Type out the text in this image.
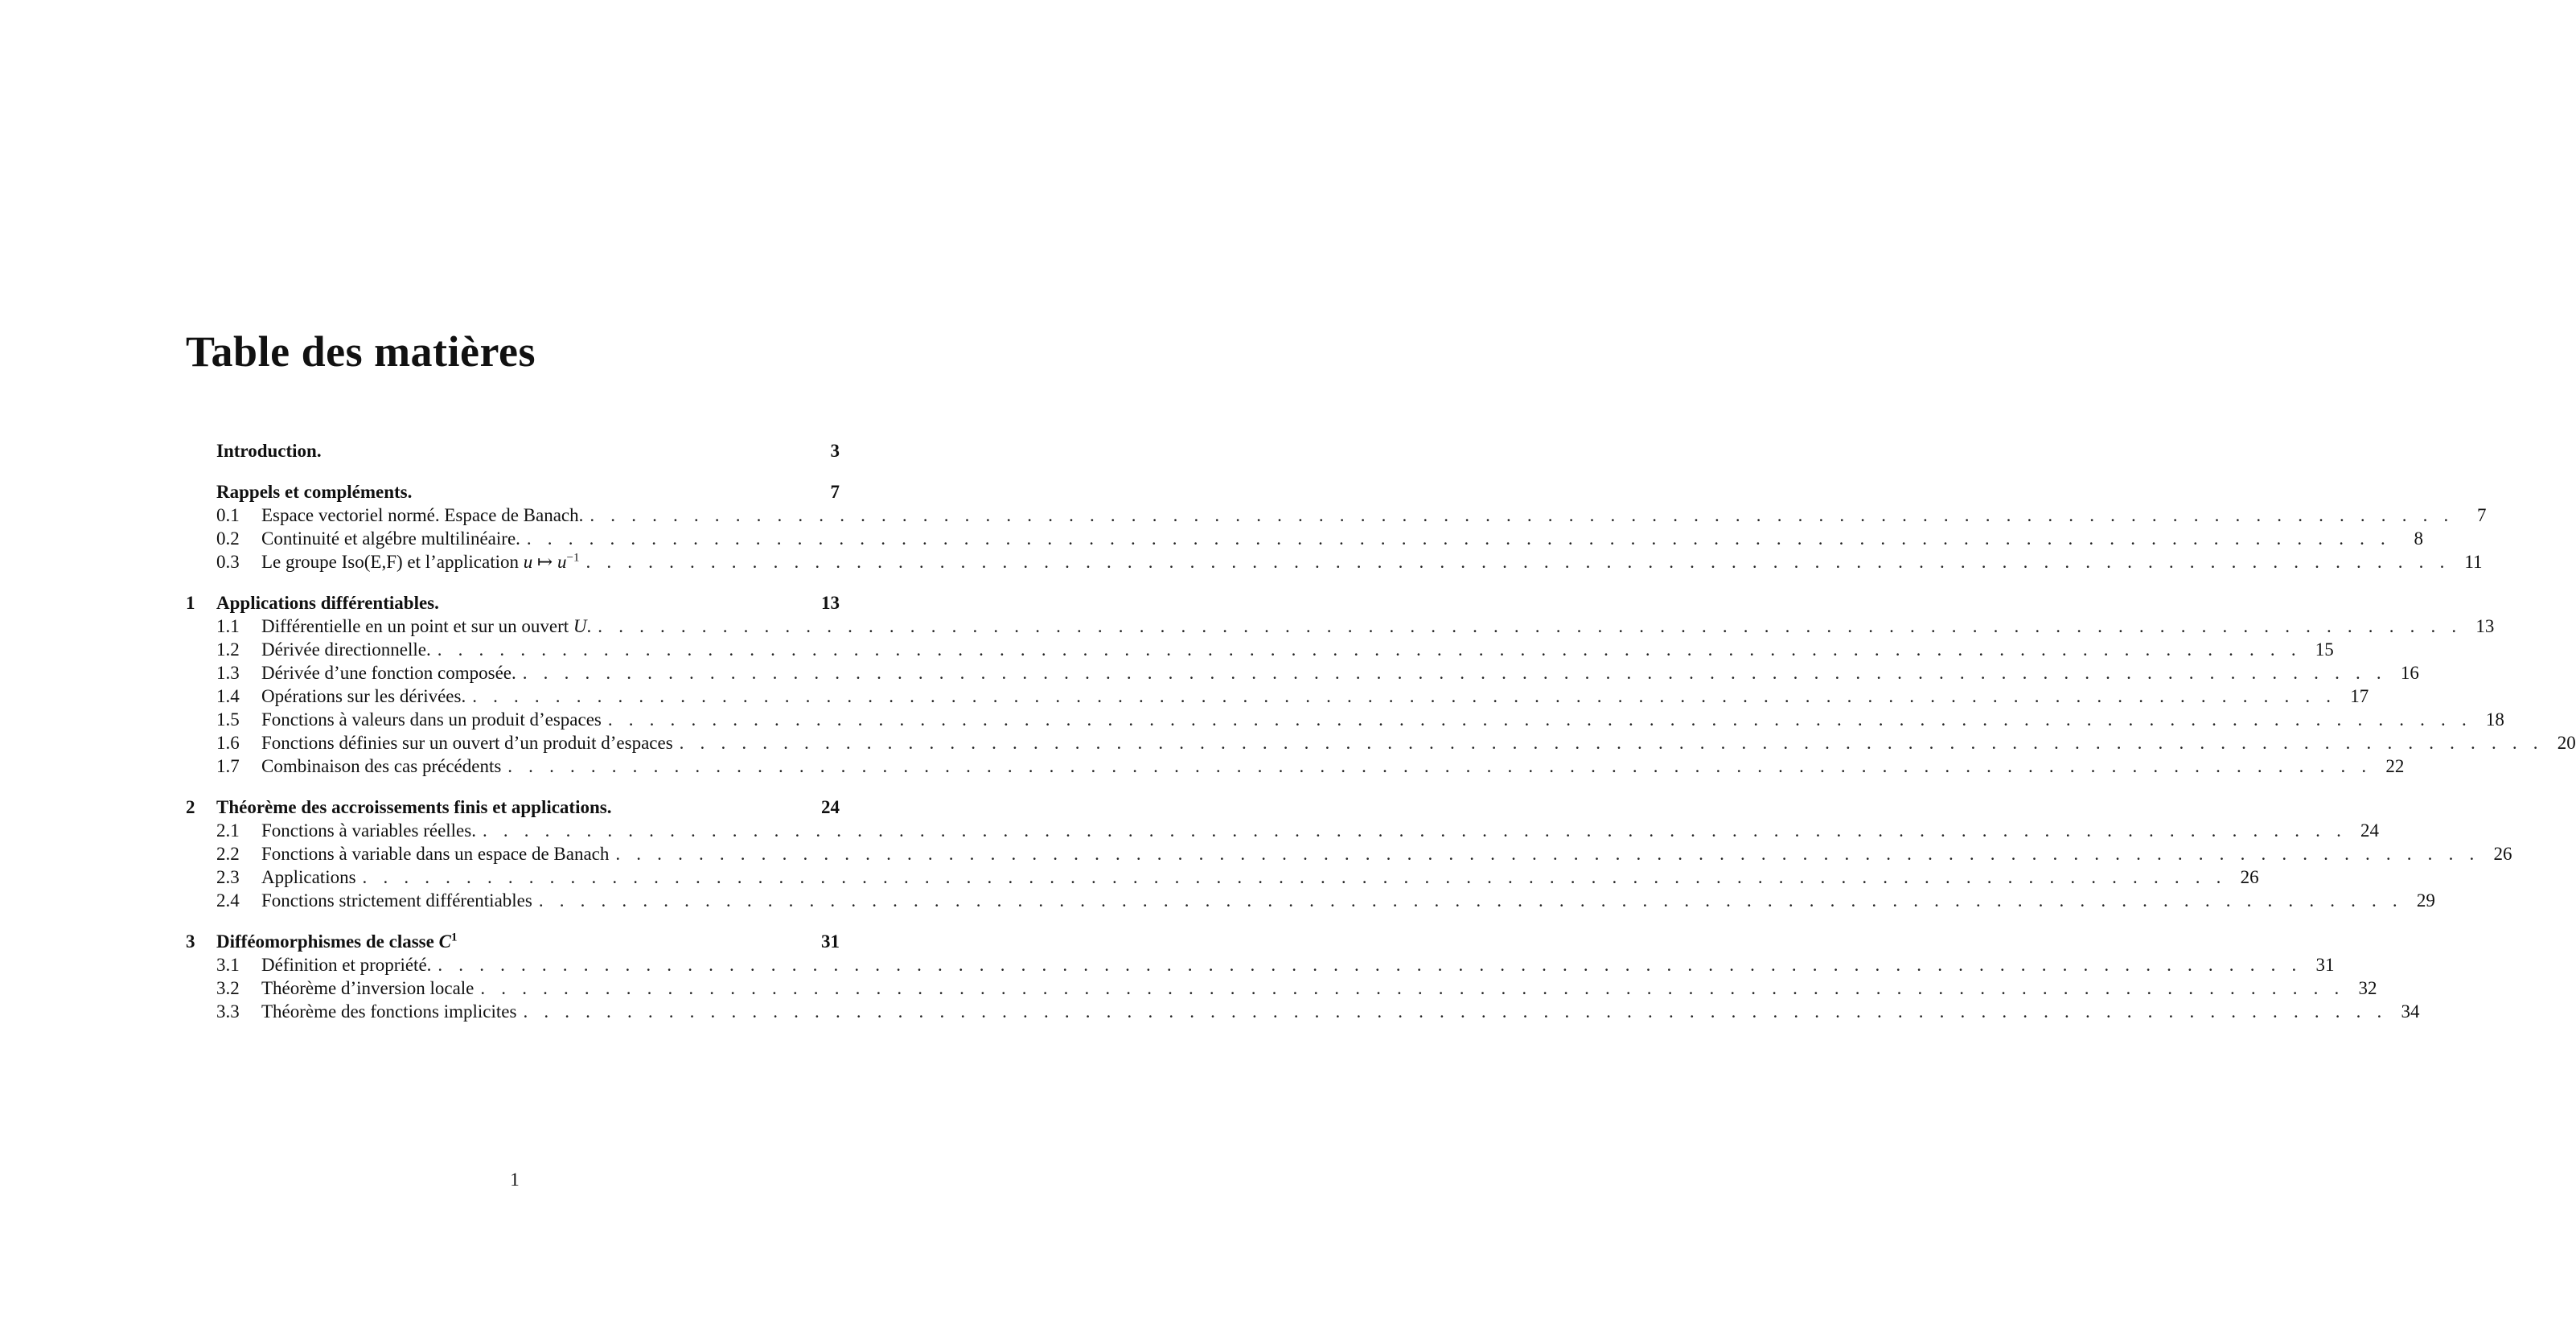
Table des matières
Introduction.	3
Rappels et compléments.	7
0.1	Espace vectoriel normé. Espace de Banach. . . . . . . . . . . . . . . . . . . . . . . . . . . . . . . . . . . . . . . . . . . . . . . . . . . . . . . . . . . . . . . . . . . . . . . . . . . . . . . . . . . . . . . . . . .	7
0.2	Continuité et algébre multilinéaire. . . . . . . . . . . . . . . . . . . . . . . . . . . . . . . . . . . . . . . . . . . . . . . . . . . . . . . . . . . . . . . . . . . . . . . . . . . . . . . . . . . . . . . . . . .	8
0.3	Le groupe Iso(E,F) et l’application u ↦ $u^{-1}$ . . . . . . . . . . . . . . . . . . . . . . . . . . . . . . . . . . . . . . . . . . . . . . . . . . . . . . . . . . . . . . . . . . . . . . . . . . . . . . . . . . . . . . . . . . 11
1	Applications différentiables.	13
1.1	Différentielle en un point et sur un ouvert U. . . . . . . . . . . . . . . . . . . . . . . . . . . . . . . . . . . . . . . . . . . . . . . . . . . . . . . . . . . . . . . . . . . . . . . . . . . . . . . . . . . . . . . . . . . 13
1.2	Dérivée directionnelle. . . . . . . . . . . . . . . . . . . . . . . . . . . . . . . . . . . . . . . . . . . . . . . . . . . . . . . . . . . . . . . . . . . . . . . . . . . . . . . . . . . . . . . . . . . 15
1.3	Dérivée d’une fonction composée. . . . . . . . . . . . . . . . . . . . . . . . . . . . . . . . . . . . . . . . . . . . . . . . . . . . . . . . . . . . . . . . . . . . . . . . . . . . . . . . . . . . . . . . . . . 16
1.4	Opérations sur les dérivées. . . . . . . . . . . . . . . . . . . . . . . . . . . . . . . . . . . . . . . . . . . . . . . . . . . . . . . . . . . . . . . . . . . . . . . . . . . . . . . . . . . . . . . . . . . 17
1.5	Fonctions à valeurs dans un produit d’espaces . . . . . . . . . . . . . . . . . . . . . . . . . . . . . . . . . . . . . . . . . . . . . . . . . . . . . . . . . . . . . . . . . . . . . . . . . . . . . . . . . . . . . . . . . . 18
1.6	Fonctions définies sur un ouvert d’un produit d’espaces . . . . . . . . . . . . . . . . . . . . . . . . . . . . . . . . . . . . . . . . . . . . . . . . . . . . . . . . . . . . . . . . . . . . . . . . . . . . . . . . . . . . . . . . . . 20
1.7	Combinaison des cas précédents . . . . . . . . . . . . . . . . . . . . . . . . . . . . . . . . . . . . . . . . . . . . . . . . . . . . . . . . . . . . . . . . . . . . . . . . . . . . . . . . . . . . . . . . . . 22
2	Théorème des accroissements finis et applications.	24
2.1	Fonctions à variables réelles. . . . . . . . . . . . . . . . . . . . . . . . . . . . . . . . . . . . . . . . . . . . . . . . . . . . . . . . . . . . . . . . . . . . . . . . . . . . . . . . . . . . . . . . . . . 24
2.2	Fonctions à variable dans un espace de Banach . . . . . . . . . . . . . . . . . . . . . . . . . . . . . . . . . . . . . . . . . . . . . . . . . . . . . . . . . . . . . . . . . . . . . . . . . . . . . . . . . . . . . . . . . . 26
2.3	Applications . . . . . . . . . . . . . . . . . . . . . . . . . . . . . . . . . . . . . . . . . . . . . . . . . . . . . . . . . . . . . . . . . . . . . . . . . . . . . . . . . . . . . . . . . . 26
2.4	Fonctions strictement différentiables . . . . . . . . . . . . . . . . . . . . . . . . . . . . . . . . . . . . . . . . . . . . . . . . . . . . . . . . . . . . . . . . . . . . . . . . . . . . . . . . . . . . . . . . . . 29
3	Difféomorphismes de classe $C^1$	31
3.1	Définition et propriété. . . . . . . . . . . . . . . . . . . . . . . . . . . . . . . . . . . . . . . . . . . . . . . . . . . . . . . . . . . . . . . . . . . . . . . . . . . . . . . . . . . . . . . . . . . 31
3.2	Théorème d’inversion locale . . . . . . . . . . . . . . . . . . . . . . . . . . . . . . . . . . . . . . . . . . . . . . . . . . . . . . . . . . . . . . . . . . . . . . . . . . . . . . . . . . . . . . . . . . 32
3.3	Théorème des fonctions implicites . . . . . . . . . . . . . . . . . . . . . . . . . . . . . . . . . . . . . . . . . . . . . . . . . . . . . . . . . . . . . . . . . . . . . . . . . . . . . . . . . . . . . . . . . . 34
1
